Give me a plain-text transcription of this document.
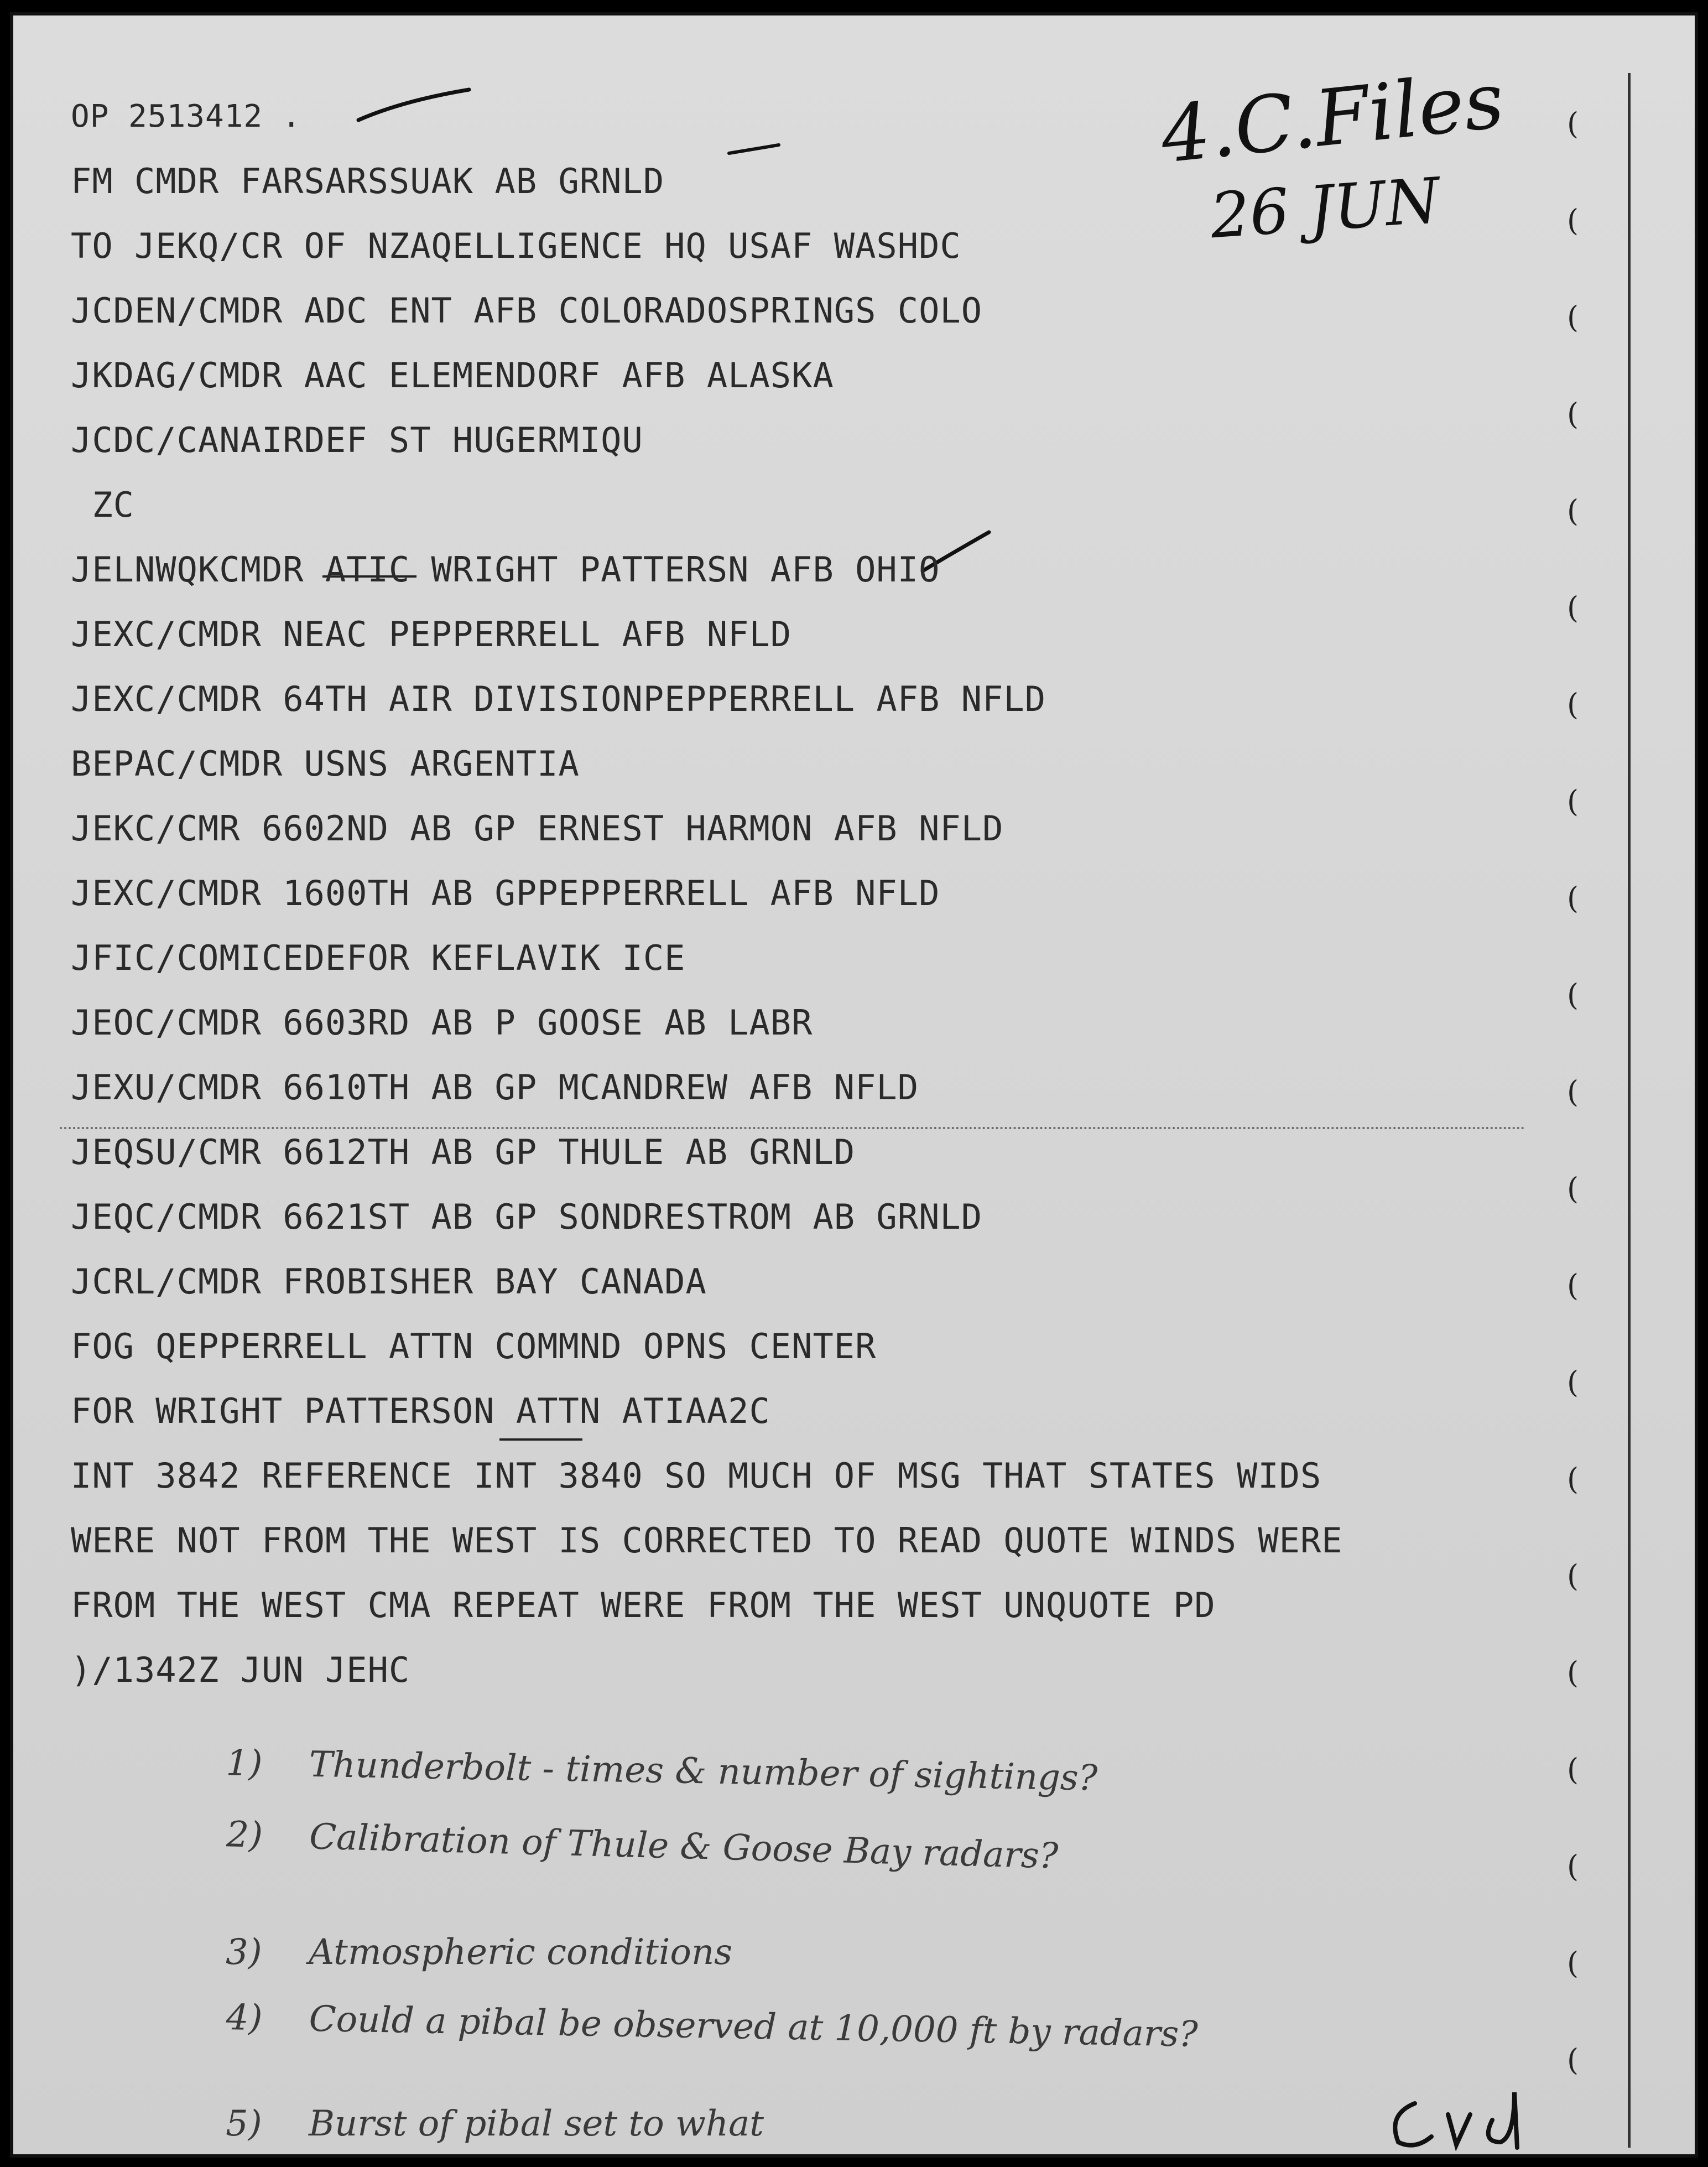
4.C.Files
26 JUN
OP 2513412 .
FM CMDR FARSARSSUAK AB GRNLD
TO JEKQ/CR OF NZAQELLIGENCE HQ USAF WASHDC
JCDEN/CMDR ADC ENT AFB COLORADOSPRINGS COLO
JKDAG/CMDR AAC ELEMENDORF AFB ALASKA
JCDC/CANAIRDEF ST HUGERMIQU
ZC
JELNWQKCMDR ATIC WRIGHT PATTERSN AFB OHIO
JEXC/CMDR NEAC PEPPERRELL AFB NFLD
JEXC/CMDR 64TH AIR DIVISIONPEPPERRELL AFB NFLD
BEPAC/CMDR USNS ARGENTIA
JEKC/CMR 6602ND AB GP ERNEST HARMON AFB NFLD
JEXC/CMDR 1600TH AB GPPEPPERRELL AFB NFLD
JFIC/COMICEDEFOR KEFLAVIK ICE
JEOC/CMDR 6603RD AB P GOOSE AB LABR
JEXU/CMDR 6610TH AB GP MCANDREW AFB NFLD
JEQSU/CMR 6612TH AB GP THULE AB GRNLD
JEQC/CMDR 6621ST AB GP SONDRESTROM AB GRNLD
JCRL/CMDR FROBISHER BAY CANADA
FOG QEPPERRELL ATTN COMMND OPNS CENTER
FOR WRIGHT PATTERSON ATTN ATIAA2C
INT 3842 REFERENCE INT 3840 SO MUCH OF MSG THAT STATES WIDS
WERE NOT FROM THE WEST IS CORRECTED TO READ QUOTE WINDS WERE
FROM THE WEST CMA REPEAT WERE FROM THE WEST UNQUOTE PD
)/1342Z JUN JEHC
(
(
(
(
(
(
(
(
(
(
(
(
(
(
(
(
(
(
(
(
(
1) Thunderbolt - times & number of sightings?
2) Calibration of Thule & Goose Bay radars?
3) Atmospheric conditions
4) Could a pibal be observed at 10,000 ft by radars?
5) Burst of pibal set to what
